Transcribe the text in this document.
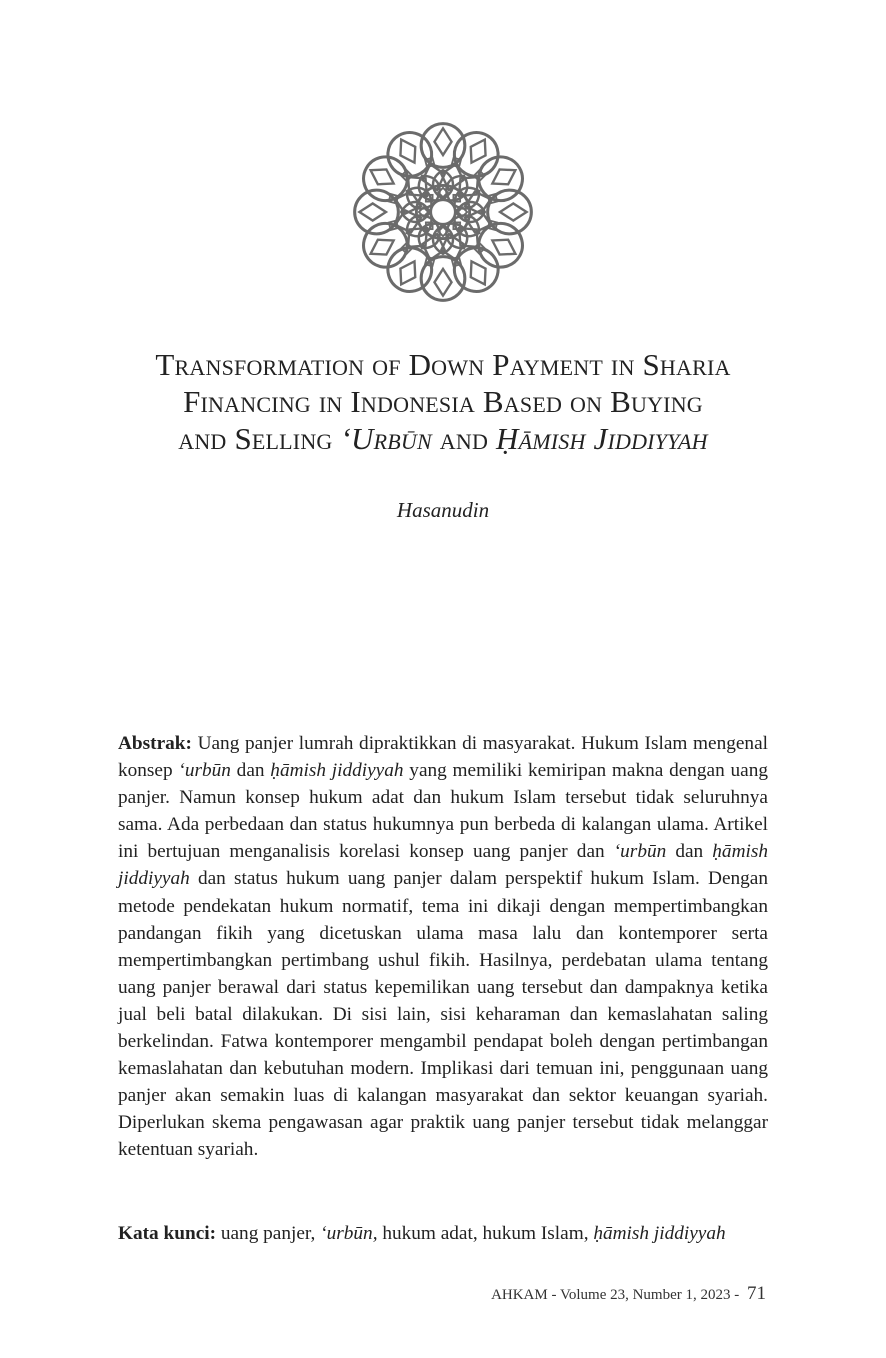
Transformation of Down Payment in Sharia
Financing in Indonesia Based on Buying
and Selling ‘Urbūn and Ḥāmish Jiddiyyah
Hasanudin
Abstrak: Uang panjer lumrah dipraktikkan di masyarakat. Hukum Islam mengenal konsep ‘urbūn dan ḥāmish jiddiyyah yang memiliki kemiripan makna dengan uang panjer. Namun konsep hukum adat dan hukum Islam tersebut tidak seluruhnya sama. Ada perbedaan dan status hukumnya pun berbeda di kalangan ulama. Artikel ini bertujuan menganalisis korelasi konsep uang panjer dan ‘urbūn dan ḥāmish jiddiyyah dan status hukum uang panjer dalam perspektif hukum Islam. Dengan metode pendekatan hukum normatif, tema ini dikaji dengan mempertimbangkan pandangan fikih yang dicetuskan ulama masa lalu dan kontemporer serta mempertimbangkan pertimbang ushul fikih. Hasilnya, perdebatan ulama tentang uang panjer berawal dari status kepemilikan uang tersebut dan dampaknya ketika jual beli batal dilakukan. Di sisi lain, sisi keharaman dan kemaslahatan saling berkelindan. Fatwa kontemporer mengambil pendapat boleh dengan pertimbangan kemaslahatan dan kebutuhan modern. Implikasi dari temuan ini, penggunaan uang panjer akan semakin luas di kalangan masyarakat dan sektor keuangan syariah. Diperlukan skema pengawasan agar praktik uang panjer tersebut tidak melanggar ketentuan syariah.
Kata kunci: uang panjer, ‘urbūn, hukum adat, hukum Islam, ḥāmish jiddiyyah
AHKAM - Volume 23, Number 1, 2023 - 71
